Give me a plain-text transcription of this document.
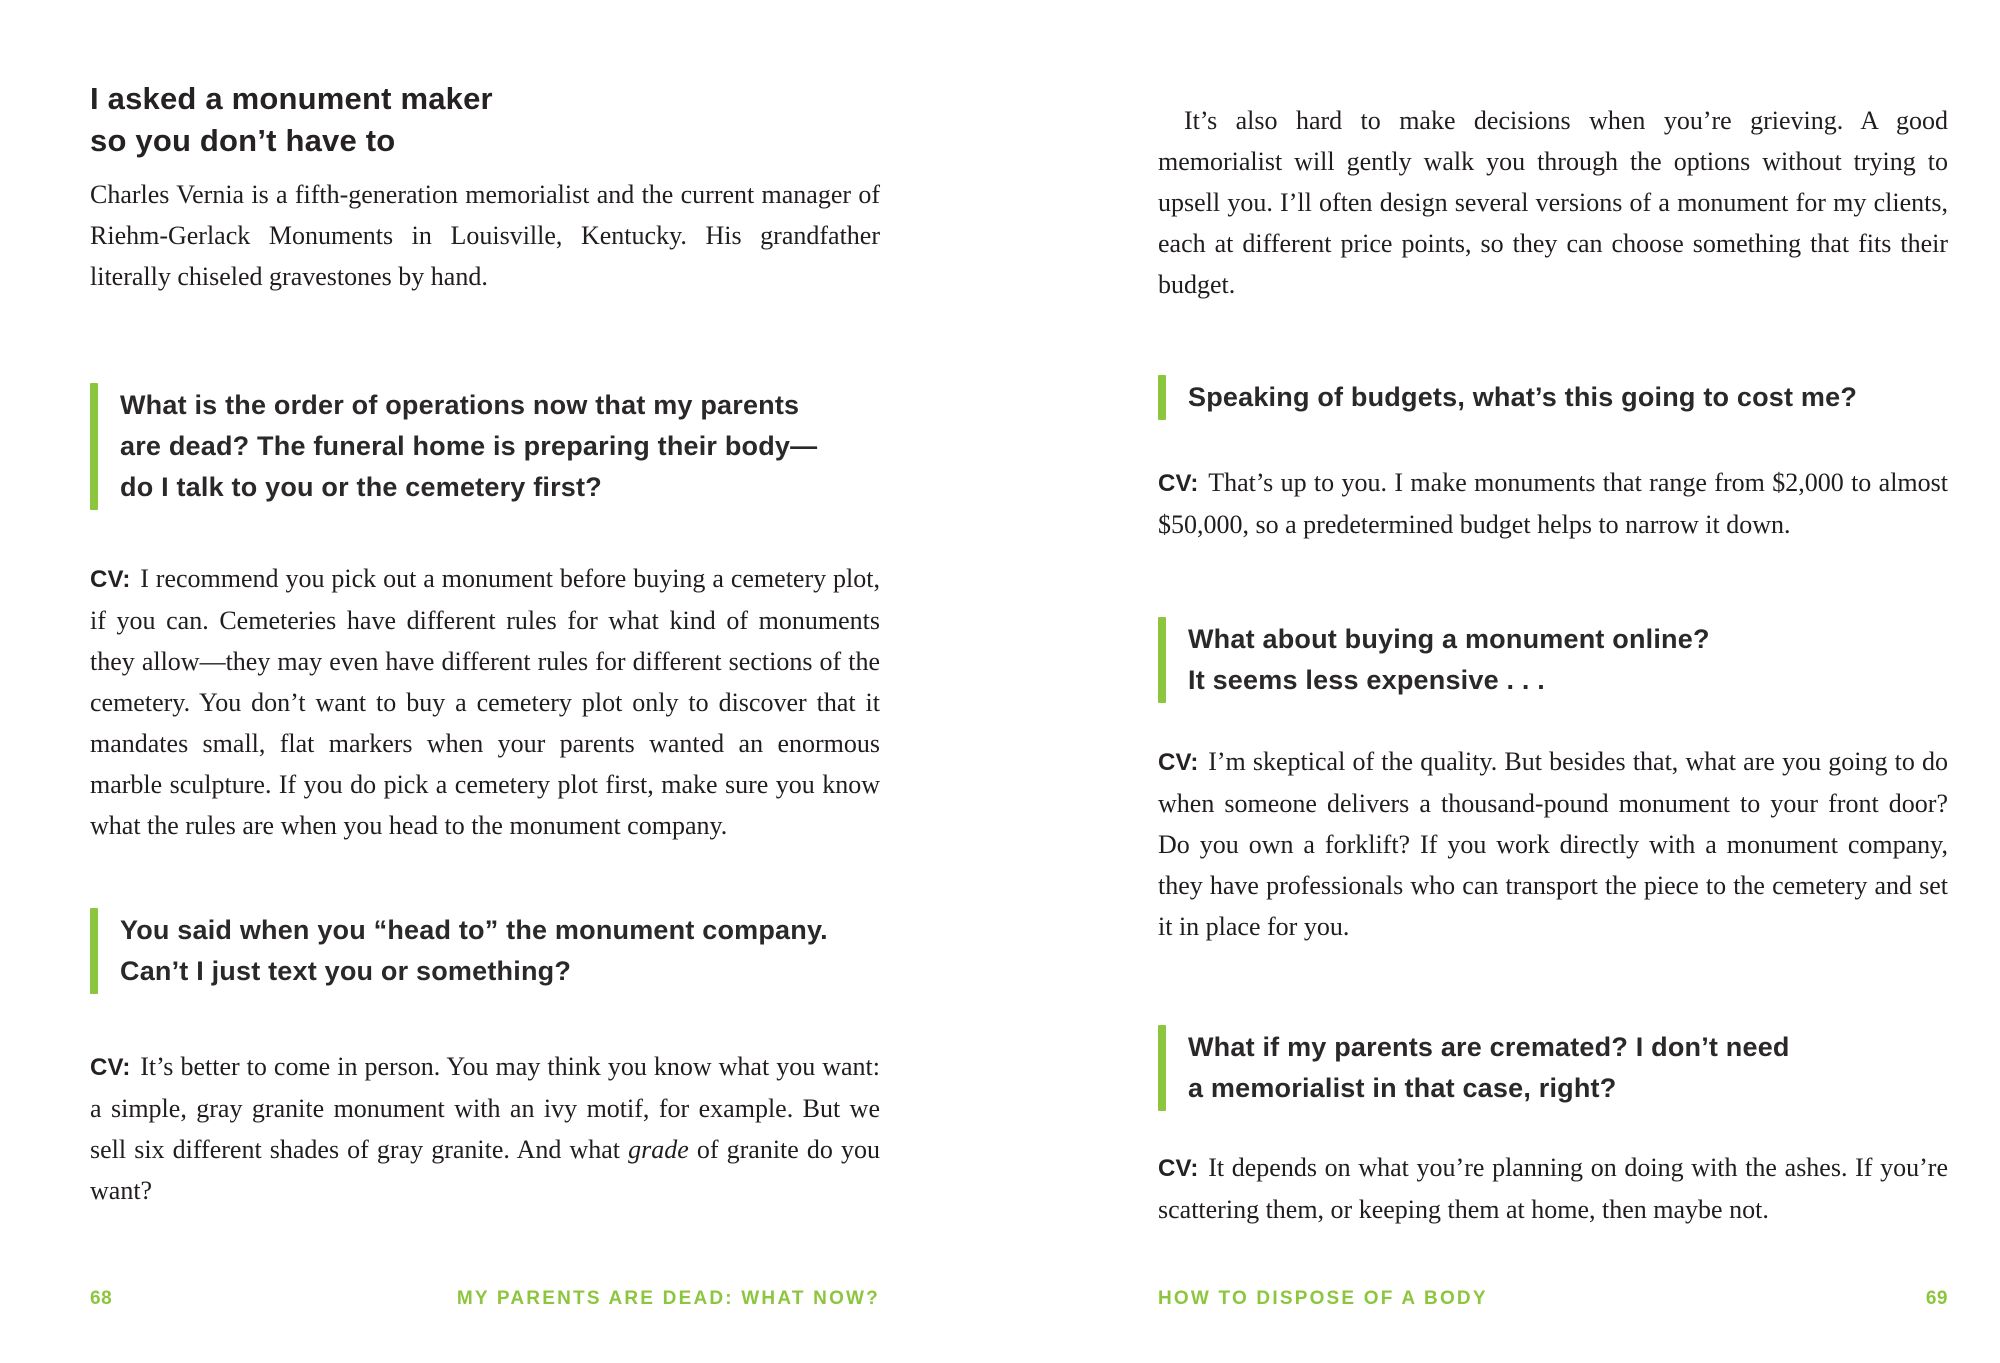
I asked a monument maker
so you don’t have to

Charles Vernia is a fifth-generation memorialist and the current manager of Riehm-Gerlack Monuments in Louisville, Kentucky. His grandfather literally chiseled gravestones by hand.

What is the order of operations now that my parents
are dead? The funeral home is preparing their body—
do I talk to you or the cemetery first?

CV: I recommend you pick out a monument before buying a cemetery plot, if you can. Cemeteries have different rules for what kind of monuments they allow—they may even have different rules for different sections of the cemetery. You don’t want to buy a cemetery plot only to discover that it mandates small, flat markers when your parents wanted an enormous marble sculpture. If you do pick a cemetery plot first, make sure you know what the rules are when you head to the monument company.

You said when you “head to” the monument company.
Can’t I just text you or something?

CV: It’s better to come in person. You may think you know what you want: a simple, gray granite monument with an ivy motif, for example. But we sell six different shades of gray granite. And what grade of granite do you want?

68	MY PARENTS ARE DEAD: WHAT NOW?

It’s also hard to make decisions when you’re grieving. A good memorialist will gently walk you through the options without trying to upsell you. I’ll often design several versions of a monument for my clients, each at different price points, so they can choose something that fits their budget.

Speaking of budgets, what’s this going to cost me?

CV: That’s up to you. I make monuments that range from $2,000 to almost $50,000, so a predetermined budget helps to narrow it down.

What about buying a monument online?
It seems less expensive . . .

CV: I’m skeptical of the quality. But besides that, what are you going to do when someone delivers a thousand-pound monument to your front door? Do you own a forklift? If you work directly with a monument company, they have professionals who can transport the piece to the cemetery and set it in place for you.

What if my parents are cremated? I don’t need
a memorialist in that case, right?

CV: It depends on what you’re planning on doing with the ashes. If you’re scattering them, or keeping them at home, then maybe not.

HOW TO DISPOSE OF A BODY	69
